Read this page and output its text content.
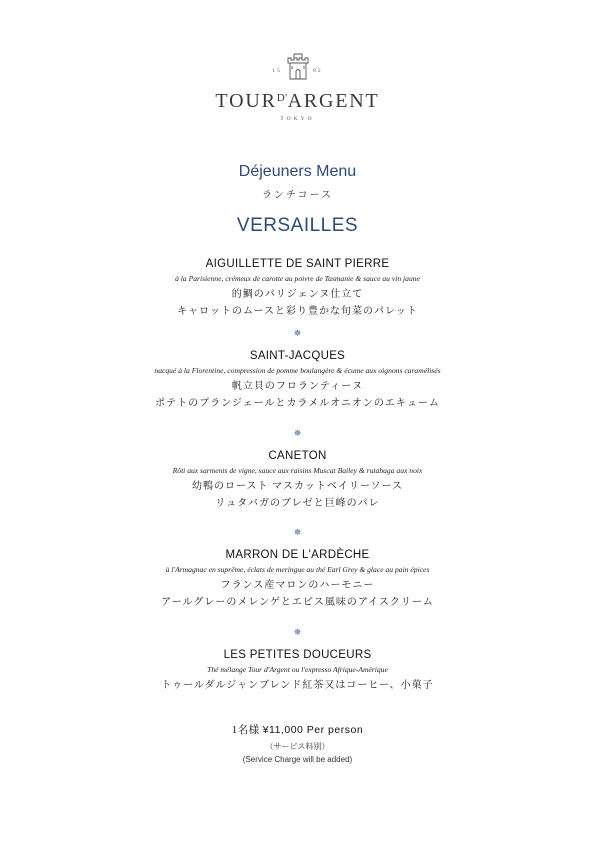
15	82
$TOUR^{D'}ARGENT$
TOKYO
Déjeuners Menu
ランチコース
VERSAILLES
AIGUILLETTE DE SAINT PIERRE
à la Parisienne, crémeux de carotte au poivre de Tasmanie & sauce au vin jaune
的鯛のパリジェンヌ仕立て
キャロットのムースと彩り豊かな旬菜のパレット
✵
SAINT-JACQUES
nacqué à la Florentine, compression de pomme boulangère & écume aux oignons caramélisés
帆立貝のフロランティーヌ
ポテトのブランジェールとカラメルオニオンのエキューム
✵
CANETON
Rôti aux sarments de vigne, sauce aux raisins Muscat Bailey & rutabaga aux noix
幼鴨のロースト マスカットベイリーソース
リュタバガのブレゼと巨峰のパレ
✵
MARRON DE L'ARDÈCHE
à l'Armagnac en suprême, éclats de meringue au thé Earl Grey & glace au pain épices
フランス産マロンのハーモニー
アールグレーのメレンゲとエピス風味のアイスクリーム
✵
LES PETITES DOUCEURS
Thé mélange Tour d'Argent ou l'expresso Afrique-Amérique
トゥールダルジャンブレンド紅茶又はコーヒー、小菓子
1名様 ¥11,000 Per person
（サービス料別）
(Service Charge will be added)
